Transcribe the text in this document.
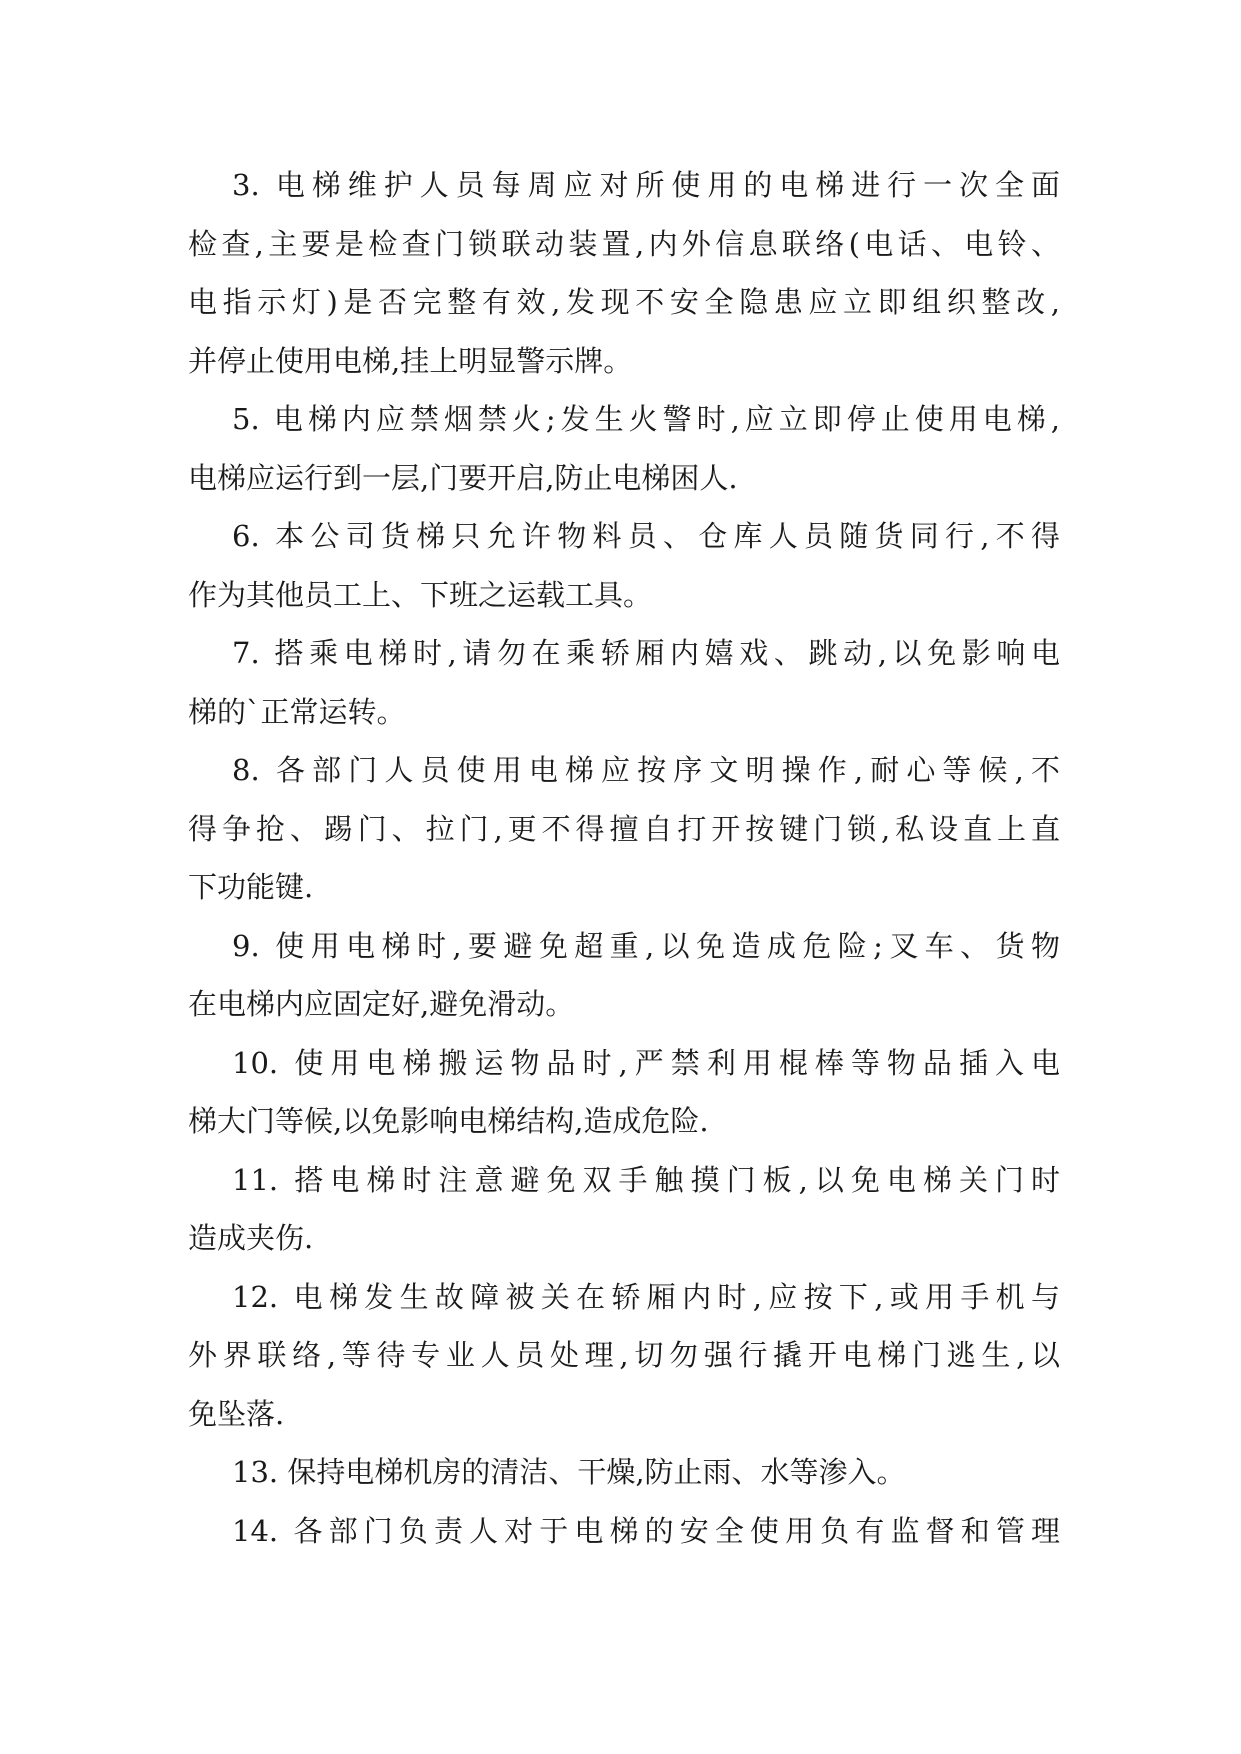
3. 电梯维护人员每周应对所使用的电梯进行一次全面
检查,主要是检查门锁联动装置,内外信息联络(电话、电铃、
电指示灯)是否完整有效,发现不安全隐患应立即组织整改,
并停止使用电梯,挂上明显警示牌。
5. 电梯内应禁烟禁火;发生火警时,应立即停止使用电梯,
电梯应运行到一层,门要开启,防止电梯困人.
6. 本公司货梯只允许物料员、仓库人员随货同行,不得
作为其他员工上、下班之运载工具。
7. 搭乘电梯时,请勿在乘轿厢内嬉戏、跳动,以免影响电
梯的`正常运转。
8. 各部门人员使用电梯应按序文明操作,耐心等候,不
得争抢、踢门、拉门,更不得擅自打开按键门锁,私设直上直
下功能键.
9. 使用电梯时,要避免超重,以免造成危险;叉车、货物
在电梯内应固定好,避免滑动。
10. 使用电梯搬运物品时,严禁利用棍棒等物品插入电
梯大门等候,以免影响电梯结构,造成危险.
11. 搭电梯时注意避免双手触摸门板,以免电梯关门时
造成夹伤.
12. 电梯发生故障被关在轿厢内时,应按下,或用手机与
外界联络,等待专业人员处理,切勿强行撬开电梯门逃生,以
免坠落.
13. 保持电梯机房的清洁、干燥,防止雨、水等渗入。
14. 各部门负责人对于电梯的安全使用负有监督和管理
